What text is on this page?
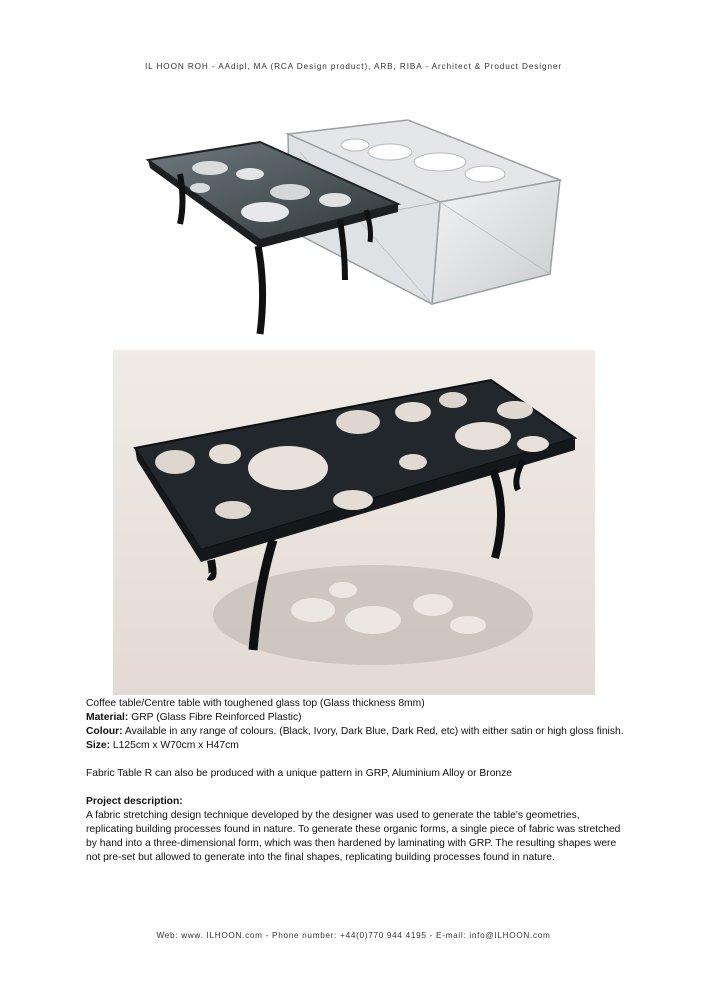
IL HOON ROH - AAdipl, MA (RCA Design product), ARB, RIBA - Architect & Product Designer

Coffee table/Centre table with toughened glass top (Glass thickness 8mm)

Material: GRP (Glass Fibre Reinforced Plastic)

Colour: Available in any range of colours. (Black, Ivory, Dark Blue, Dark Red, etc) with either satin or high gloss finish.

Size: L125cm x W70cm x H47cm

Fabric Table R can also be produced with a unique pattern in GRP, Aluminium Alloy or Bronze

Project description:

A fabric stretching design technique developed by the designer was used to generate the table's geometries, replicating building processes found in nature. To generate these organic forms, a single piece of fabric was stretched by hand into a three-dimensional form, which was then hardened by laminating with GRP. The resulting shapes were not pre-set but allowed to generate into the final shapes, replicating building processes found in nature.

Web: www. ILHOON.com - Phone number: +44(0)770 944 4195 - E-mail: info@ILHOON.com
